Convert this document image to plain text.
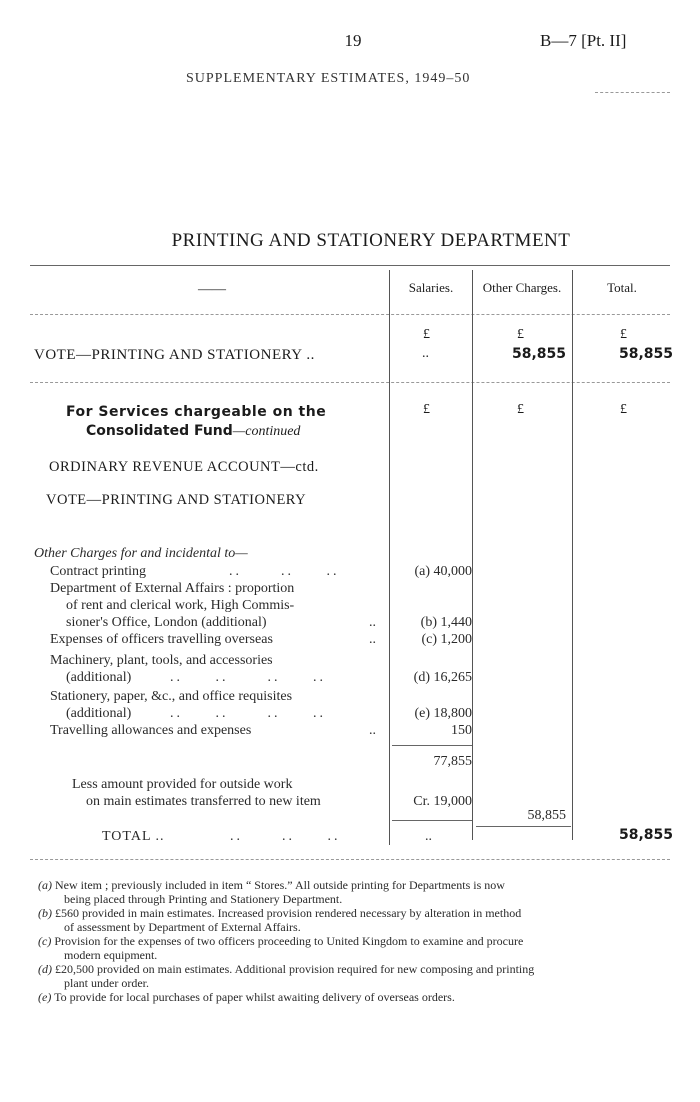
19	B—7 [Pt. II]
SUPPLEMENTARY ESTIMATES, 1949–50
PRINTING AND STATIONERY DEPARTMENT
——	Salaries. Other Charges.	Total.
£	£	£
VOTE—PRINTING AND STATIONERY ..	..	58,855	58,855
For Services chargeable on the
Consolidated Fund—continued
£	£	£
ORDINARY REVENUE ACCOUNT—ctd.
VOTE—PRINTING AND STATIONERY
Other Charges for and incidental to—
Contract printing	..      ..     ..	(a) 40,000
Department of External Affairs : proportion
of rent and clerical work, High Commis-
sioner's Office, London (additional)	..	(b) 1,440
Expenses of officers travelling overseas	..	(c) 1,200
Machinery, plant, tools, and accessories
(additional)	..     ..      ..     ..	(d) 16,265
Stationery, paper, &c., and office requisites
(additional)	..     ..      ..     ..	(e) 18,800
Travelling allowances and expenses	..	150
77,855
Less amount provided for outside work
on main estimates transferred to new item	Cr. 19,000
58,855
TOTAL ..	..      ..     ..	..	58,855
(a) New item ; previously included in item “ Stores.” All outside printing for Departments is now
being placed through Printing and Stationery Department.
(b) £560 provided in main estimates. Increased provision rendered necessary by alteration in method
of assessment by Department of External Affairs.
(c) Provision for the expenses of two officers proceeding to United Kingdom to examine and procure
modern equipment.
(d) £20,500 provided on main estimates. Additional provision required for new composing and printing
plant under order.
(e) To provide for local purchases of paper whilst awaiting delivery of overseas orders.
